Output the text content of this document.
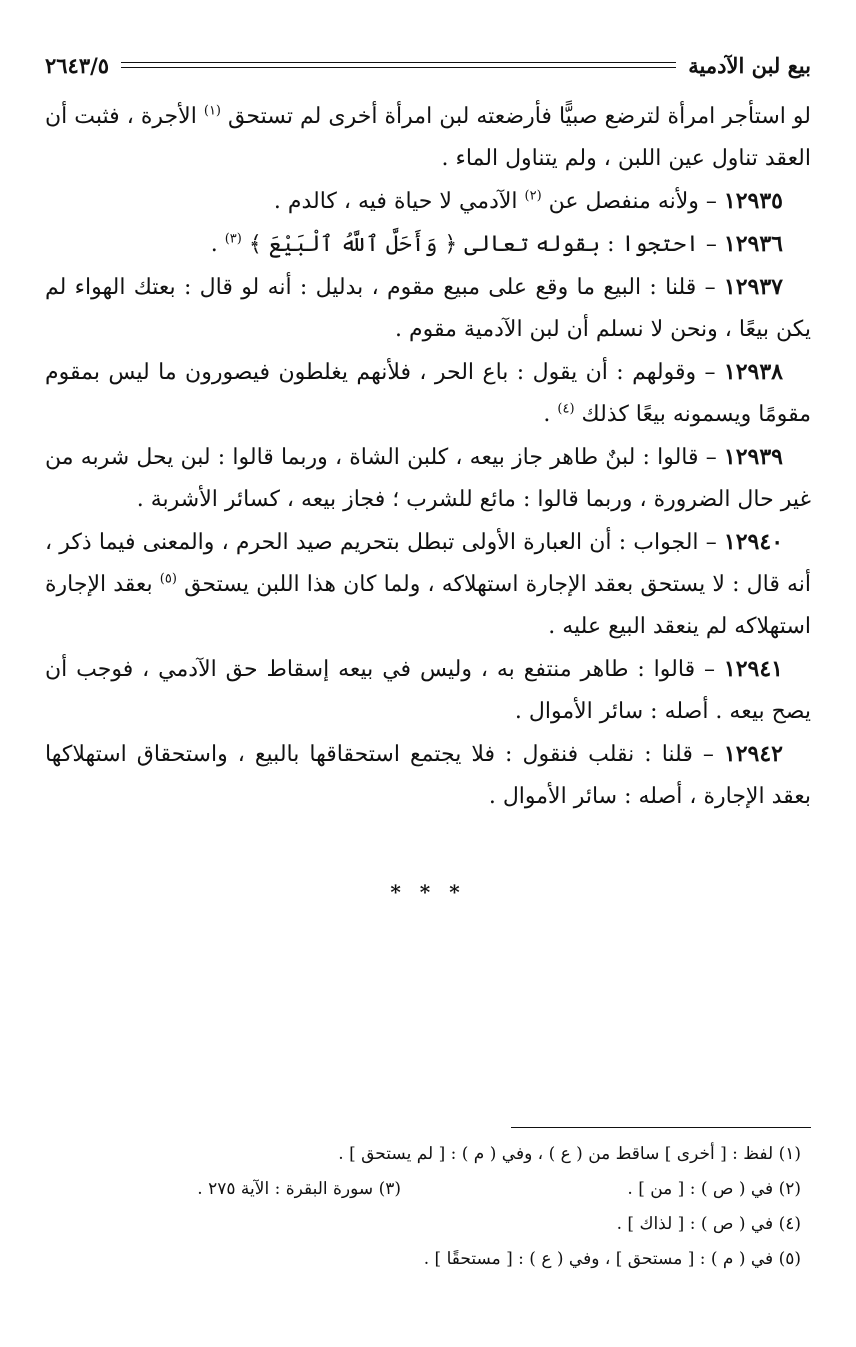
بيع لبن الآدمية
٢٦٤٣/٥

لو استأجر امرأة لترضع صبيًّا فأرضعته لبن امرأة أخرى لم تستحق $^{(١)}$ الأجرة ، فثبت أن العقد تناول عين اللبن ، ولم يتناول الماء .

١٢٩٣٥ – ولأنه منفصل عن $^{(٢)}$ الآدمي لا حياة فيه ، كالدم .

١٢٩٣٦ – احتجوا : بقوله تعالى ﴿ وَأَحَلَّ ٱللَّهُ ٱلْبَيْعَ ﴾ $^{(٣)}$ .

١٢٩٣٧ – قلنا : البيع ما وقع على مبيع مقوم ، بدليل : أنه لو قال : بعتك الهواء لم يكن بيعًا ، ونحن لا نسلم أن لبن الآدمية مقوم .

١٢٩٣٨ – وقولهم : أن يقول : باع الحر ، فلأنهم يغلطون فيصورون ما ليس بمقوم مقومًا ويسمونه بيعًا كذلك $^{(٤)}$ .

١٢٩٣٩ – قالوا : لبنٌ طاهر جاز بيعه ، كلبن الشاة ، وربما قالوا : لبن يحل شربه من غير حال الضرورة ، وربما قالوا : مائع للشرب ؛ فجاز بيعه ، كسائر الأشربة .

١٢٩٤٠ – الجواب : أن العبارة الأولى تبطل بتحريم صيد الحرم ، والمعنى فيما ذكر ، أنه قال : لا يستحق بعقد الإجارة استهلاكه ، ولما كان هذا اللبن يستحق $^{(٥)}$ بعقد الإجارة استهلاكه لم ينعقد البيع عليه .

١٢٩٤١ – قالوا : طاهر منتفع به ، وليس في بيعه إسقاط حق الآدمي ، فوجب أن يصح بيعه . أصله : سائر الأموال .

١٢٩٤٢ – قلنا : نقلب فنقول : فلا يجتمع استحقاقها بالبيع ، واستحقاق استهلاكها بعقد الإجارة ، أصله : سائر الأموال .

* * *
(١) لفظ : [ أخرى ] ساقط من ( ع ) ، وفي ( م ) : [ لم يستحق ] .
(٢) في ( ص ) : [ من ] .
(٣) سورة البقرة : الآية ٢٧٥ .
(٤) في ( ص ) : [ لذاك ] .
(٥) في ( م ) : [ مستحق ] ، وفي ( ع ) : [ مستحقًا ] .
